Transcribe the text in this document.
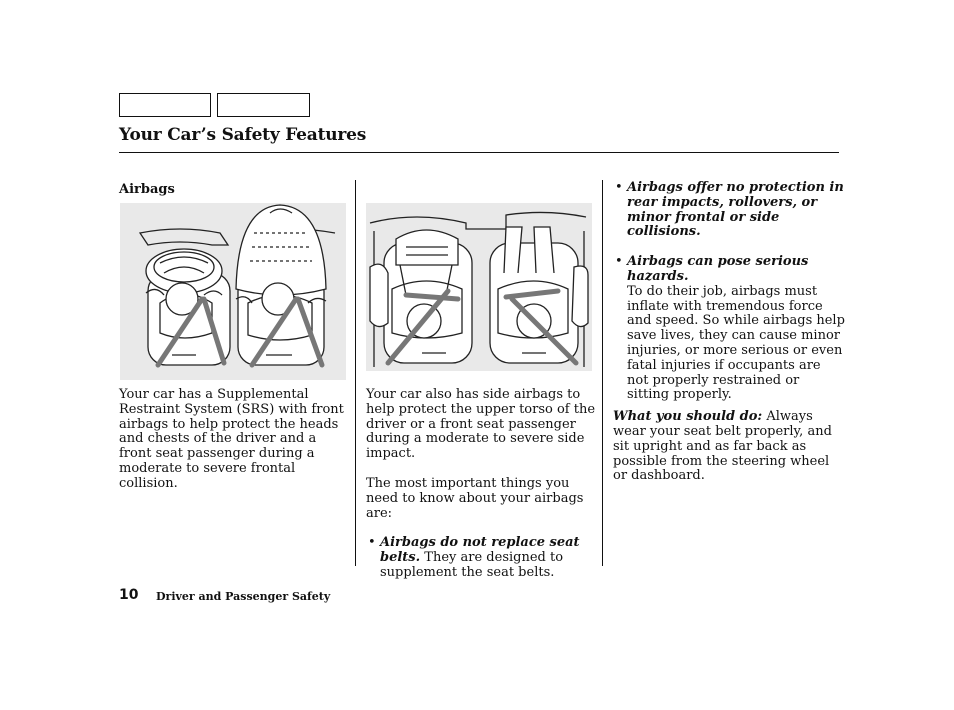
Your Car’s Safety Features
Airbags

Your car has a Supplemental Restraint System (SRS) with front airbags to help protect the heads and chests of the driver and a front seat passenger during a moderate to severe frontal collision.

Your car also has side airbags to help protect the upper torso of the driver or a front seat passenger during a moderate to severe side impact.

The most important things you need to know about your airbags are:

• Airbags do not replace seat belts. They are designed to supplement the seat belts.
• Airbags offer no protection in rear impacts, rollovers, or minor frontal or side collisions.
• Airbags can pose serious hazards.
To do their job, airbags must inflate with tremendous force and speed. So while airbags help save lives, they can cause minor injuries, or more serious or even fatal injuries if occupants are not properly restrained or sitting properly.

What you should do: Always wear your seat belt properly, and sit upright and as far back as possible from the steering wheel or dashboard.

10 Driver and Passenger Safety
